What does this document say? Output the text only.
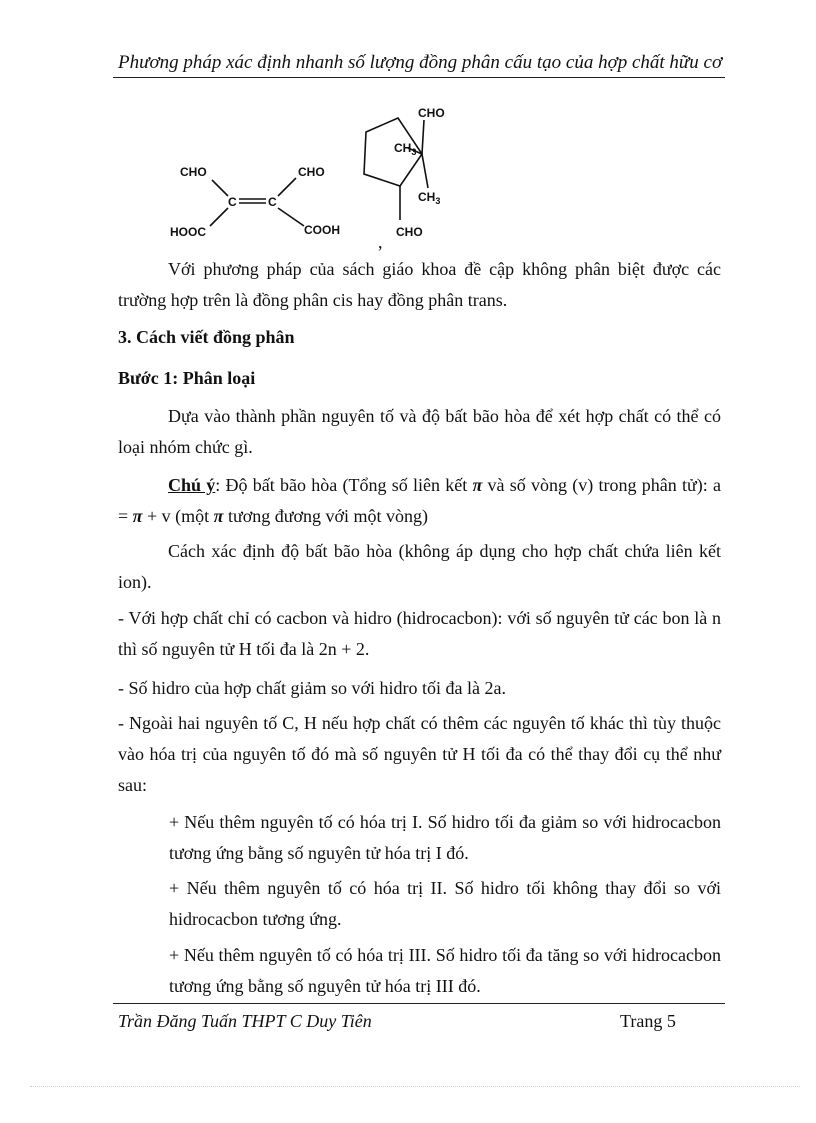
Phương pháp xác định nhanh số lượng đồng phân cấu tạo của hợp chất hữu cơ
CHO	CHO
C	C
HOOC	COOH
CHO
$CH_3$
$CH_3$
CHO
,
Với phương pháp của sách giáo khoa đề cập không phân biệt được các trường hợp trên là đồng phân cis hay đồng phân trans.
3. Cách viết đồng phân
Bước 1: Phân loại
Dựa vào thành phần nguyên tố và độ bất bão hòa để xét hợp chất có thể có loại nhóm chức gì.
Chú ý: Độ bất bão hòa (Tổng số liên kết π và số vòng (v) trong phân tử): a = π + v (một π tương đương với một vòng)
Cách xác định độ bất bão hòa (không áp dụng cho hợp chất chứa liên kết ion).
- Với hợp chất chỉ có cacbon và hidro (hidrocacbon): với số nguyên tử các bon là n thì số nguyên tử H tối đa là 2n + 2.
- Số hidro của hợp chất giảm so với hidro tối đa là 2a.
- Ngoài hai nguyên tố C, H nếu hợp chất có thêm các nguyên tố khác thì tùy thuộc vào hóa trị của nguyên tố đó mà số nguyên tử H tối đa có thể thay đổi cụ thể như sau:
+ Nếu thêm nguyên tố có hóa trị I. Số hidro tối đa giảm so với hidrocacbon tương ứng bằng số nguyên tử hóa trị I đó.
+ Nếu thêm nguyên tố có hóa trị II. Số hidro tối không thay đổi so với hidrocacbon tương ứng.
+ Nếu thêm nguyên tố có hóa trị III. Số hidro tối đa tăng so với hidrocacbon tương ứng bằng số nguyên tử hóa trị III đó.
Trần Đăng Tuấn THPT C Duy Tiên	Trang 5
